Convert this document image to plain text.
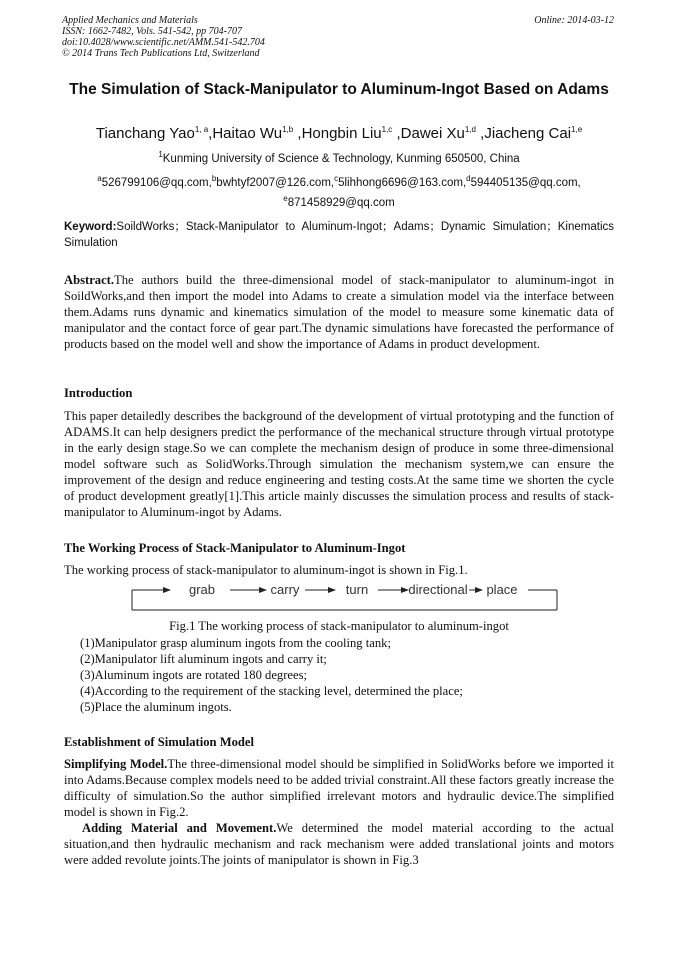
Applied Mechanics and Materials
ISSN: 1662-7482, Vols. 541-542, pp 704-707
doi:10.4028/www.scientific.net/AMM.541-542.704
© 2014 Trans Tech Publications Ltd, Switzerland
Online: 2014-03-12
The Simulation of Stack-Manipulator to Aluminum-Ingot Based on Adams
Tianchang Yao$^{1, a}$,Haitao Wu$^{1,b}$ ,Hongbin Liu$^{1,c}$ ,Dawei Xu$^{1,d}$ ,Jiacheng Cai$^{1,e}$
$^1$Kunming University of Science & Technology, Kunming 650500, China
$^a$526799106@qq.com,$^b$bwhtyf2007@126.com,$^c$5lihhong6696@163.com,$^d$594405135@qq.com,
$^e$871458929@qq.com
Keyword:SoildWorks；Stack-Manipulator to Aluminum-Ingot；Adams；Dynamic Simulation；Kinematics Simulation
Abstract.The authors build the three-dimensional model of stack-manipulator to aluminum-ingot in SoildWorks,and then import the model into Adams to create a simulation model via the interface between them.Adams runs dynamic and kinematics simulation of the model to measure some kinematic data of manipulator and the contact force of gear part.The dynamic simulations have forecasted the performance of products based on the model well and show the importance of Adams in product development.
Introduction
This paper detailedly describes the background of the development of virtual prototyping and the function of ADAMS.It can help designers predict the performance of the mechanical structure through virtual prototype in the early design stage.So we can complete the mechanism design of produce in some three-dimensional model software such as SolidWorks.Through simulation the mechanism system,we can ensure the improvement of the design and reduce engineering and testing costs.At the same time we shorten the cycle of product development greatly[1].This article mainly discusses the simulation process and results of stack-manipulator to Aluminum-ingot by Adams.
The Working Process of Stack-Manipulator to Aluminum-Ingot
The working process of stack-manipulator to aluminum-ingot is shown in Fig.1.
grab	carry	turn	directional place
Fig.1 The working process of stack-manipulator to aluminum-ingot
(1)Manipulator grasp aluminum ingots from the cooling tank;
(2)Manipulator lift aluminum ingots and carry it;
(3)Aluminum ingots are rotated 180 degrees;
(4)According to the requirement of the stacking level, determined the place;
(5)Place the aluminum ingots.
Establishment of Simulation Model
Simplifying Model.The three-dimensional model should be simplified in SolidWorks before we imported it into Adams.Because complex models need to be added trivial constraint.All these factors greatly increase the difficulty of simulation.So the author simplified irrelevant motors and hydraulic device.The simplified model is shown in Fig.2.
Adding Material and Movement.We determined the model material according to the actual situation,and then hydraulic mechanism and rack mechanism were added translational joints and motors were added revolute joints.The joints of manipulator is shown in Fig.3
